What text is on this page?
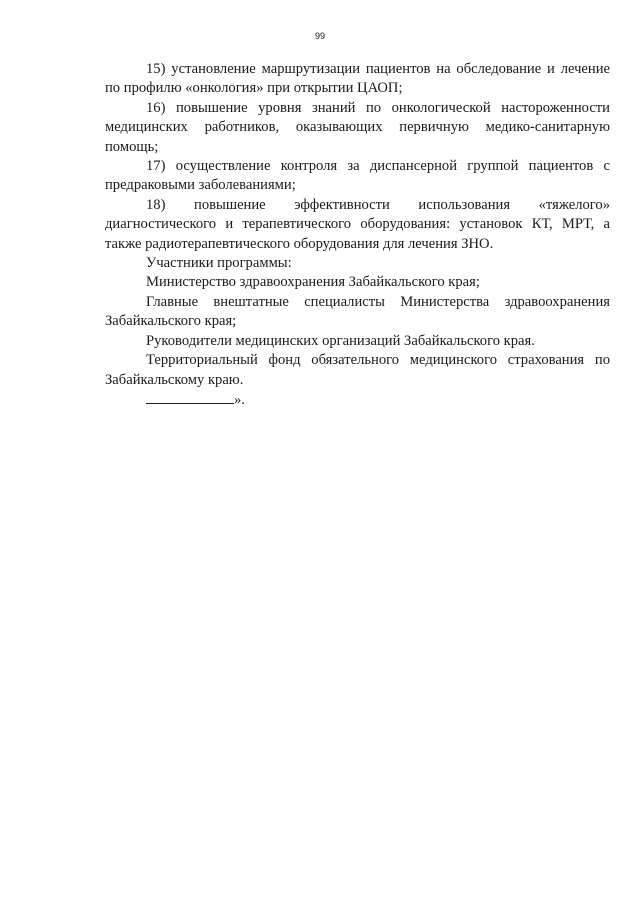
99

15) установление маршрутизации пациентов на обследование и лечение по профилю «онкология» при открытии ЦАОП;

16) повышение уровня знаний по онкологической настороженности медицинских работников, оказывающих первичную медико-санитарную помощь;

17) осуществление контроля за диспансерной группой пациентов с предраковыми заболеваниями;

18) повышение эффективности использования «тяжелого» диагностического и терапевтического оборудования: установок КТ, МРТ, а также радиотерапевтического оборудования для лечения ЗНО.

Участники программы:

Министерство здравоохранения Забайкальского края;

Главные внештатные специалисты Министерства здравоохранения Забайкальского края;

Руководители медицинских организаций Забайкальского края.

Территориальный фонд обязательного медицинского страхования по Забайкальскому краю.

».
